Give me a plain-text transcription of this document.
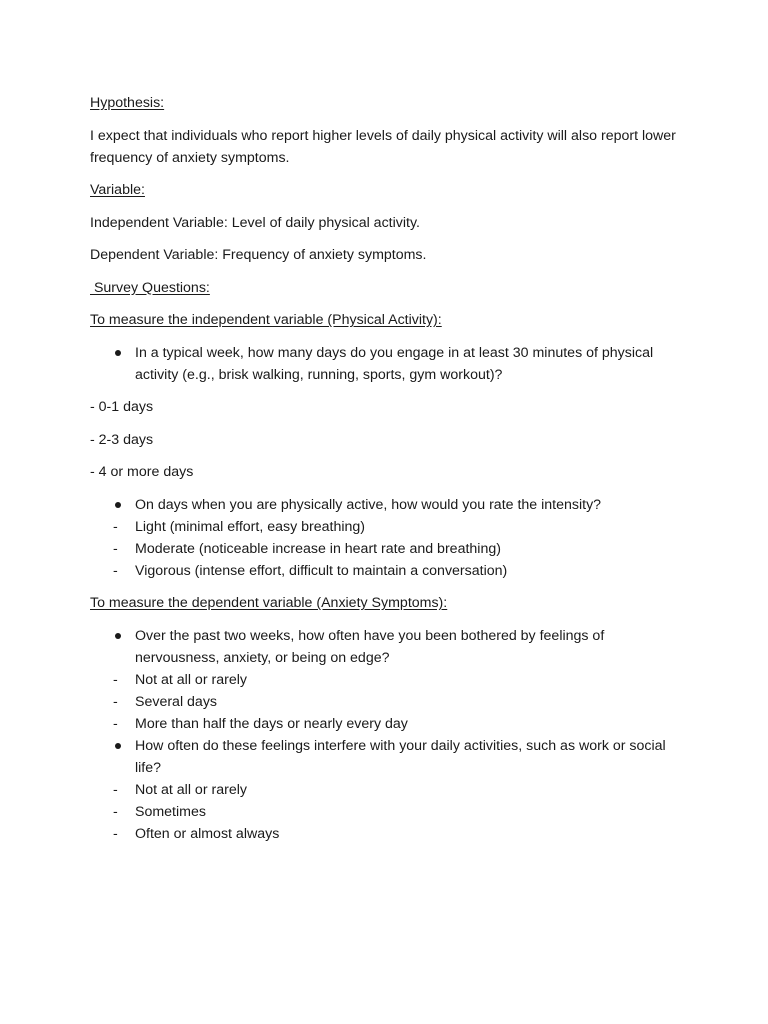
Hypothesis:

I expect that individuals who report higher levels of daily physical activity will also report lower frequency of anxiety symptoms.

Variable:

Independent Variable: Level of daily physical activity.

Dependent Variable: Frequency of anxiety symptoms.

Survey Questions:

To measure the independent variable (Physical Activity):

In a typical week, how many days do you engage in at least 30 minutes of physical activity (e.g., brisk walking, running, sports, gym workout)?

- 0-1 days

- 2-3 days

- 4 or more days

On days when you are physically active, how would you rate the intensity?
-	Light (minimal effort, easy breathing)
-	Moderate (noticeable increase in heart rate and breathing)
-	Vigorous (intense effort, difficult to maintain a conversation)

To measure the dependent variable (Anxiety Symptoms):

Over the past two weeks, how often have you been bothered by feelings of nervousness, anxiety, or being on edge?
-	Not at all or rarely
-	Several days
-	More than half the days or nearly every day
How often do these feelings interfere with your daily activities, such as work or social life?
-	Not at all or rarely
-	Sometimes
-	Often or almost always
